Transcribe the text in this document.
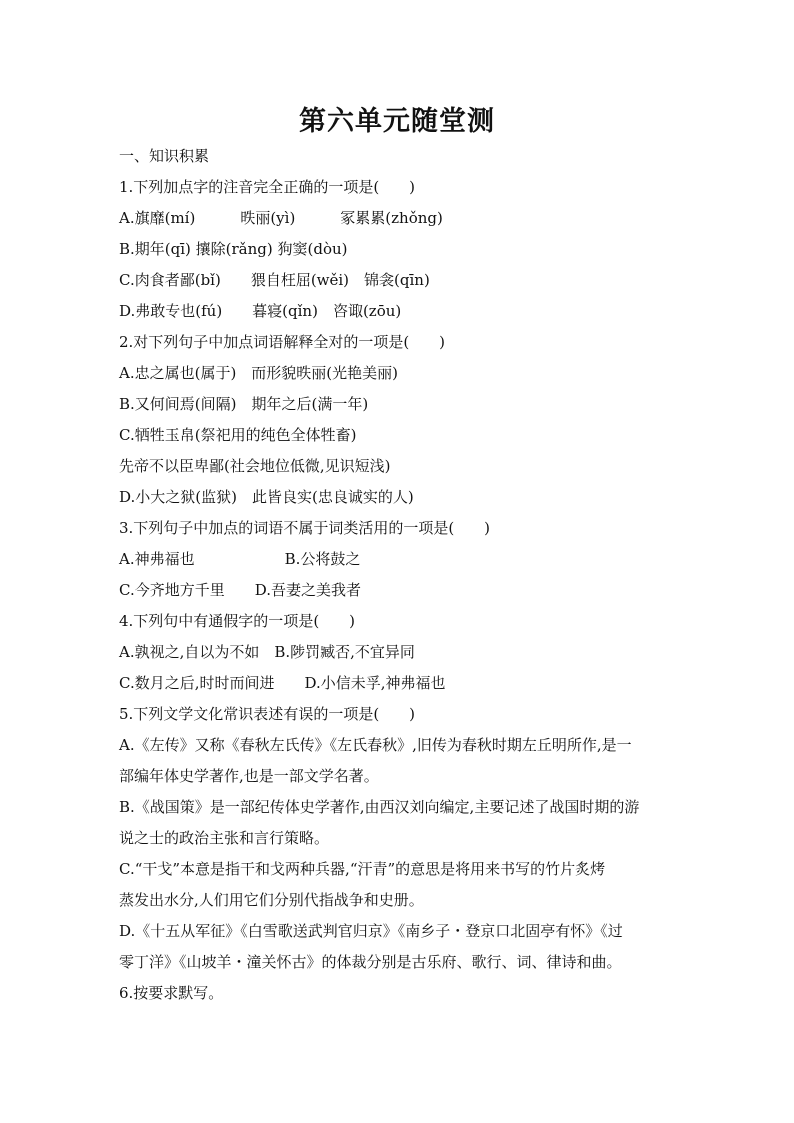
第六单元随堂测
一、知识积累
1.下列加点字的注音完全正确的一项是(　　)
A.旗靡(mí)　　　昳丽(yì)　　　冢累累(zhǒng)
B.期年(qī) 攘除(rǎng) 狗窦(dòu)
C.肉食者鄙(bǐ)　　猥自枉屈(wěi)　锦衾(qīn)
D.弗敢专也(fú)　　暮寝(qǐn)　咨诹(zōu)
2.对下列句子中加点词语解释全对的一项是(　　)
A.忠之属也(属于)　而形貌昳丽(光艳美丽)
B.又何间焉(间隔)　期年之后(满一年)
C.牺牲玉帛(祭祀用的纯色全体牲畜)
先帝不以臣卑鄙(社会地位低微,见识短浅)
D.小大之狱(监狱)　此皆良实(忠良诚实的人)
3.下列句子中加点的词语不属于词类活用的一项是(　　)
A.神弗福也　　　　　　B.公将鼓之
C.今齐地方千里　　D.吾妻之美我者
4.下列句中有通假字的一项是(　　)
A.孰视之,自以为不如　B.陟罚臧否,不宜异同
C.数月之后,时时而间进　　D.小信未孚,神弗福也
5.下列文学文化常识表述有误的一项是(　　)
A.《左传》又称《春秋左氏传》《左氏春秋》,旧传为春秋时期左丘明所作,是一
部编年体史学著作,也是一部文学名著。
B.《战国策》是一部纪传体史学著作,由西汉刘向编定,主要记述了战国时期的游
说之士的政治主张和言行策略。
C.“干戈”本意是指干和戈两种兵器,“汗青”的意思是将用来书写的竹片炙烤
蒸发出水分,人们用它们分别代指战争和史册。
D.《十五从军征》《白雪歌送武判官归京》《南乡子・登京口北固亭有怀》《过
零丁洋》《山坡羊・潼关怀古》的体裁分别是古乐府、歌行、词、律诗和曲。
6.按要求默写。
